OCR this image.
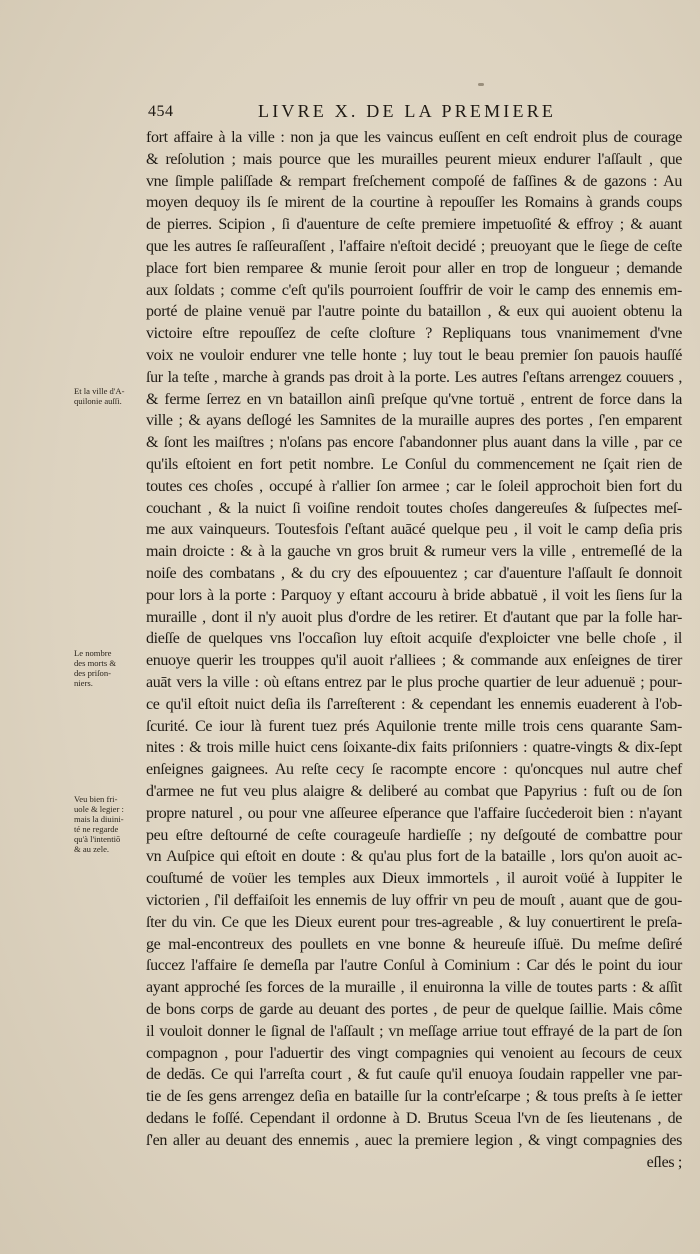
454	LIVRE X. DE LA PREMIERE
fort affaire à la ville : non ja que les vaincus euſſent en ceſt endroit plus de courage
& reſolution ; mais pource que les murailles peurent mieux endurer l'aſſault , que
vne ſimple paliſſade & rempart freſchement compoſé de faſſines & de gazons : Au
moyen dequoy ils ſe mirent de la courtine à repouſſer les Romains à grands coups
de pierres. Scipion , ſi d'auenture de ceſte premiere impetuoſité & effroy ; & auant
que les autres ſe raſſeuraſſent , l'affaire n'eſtoit decidé ; preuoyant que le ſiege de ceſte
place fort bien remparee & munie ſeroit pour aller en trop de longueur ; demande
aux ſoldats ; comme c'eſt qu'ils pourroient ſouffrir de voir le camp des ennemis em-
porté de plaine venuë par l'autre pointe du bataillon , & eux qui auoient obtenu la
victoire eſtre repouſſez de ceſte cloſture ? Repliquans tous vnanimement d'vne
voix ne vouloir endurer vne telle honte ; luy tout le beau premier ſon pauois hauſſé
ſur la teſte , marche à grands pas droit à la porte. Les autres ſ'eſtans arrengez couuers ,
& ferme ſerrez en vn bataillon ainſi preſque qu'vne tortuë , entrent de force dans la
ville ; & ayans deſlogé les Samnites de la muraille aupres des portes , ſ'en emparent
& ſont les maiſtres ; n'oſans pas encore ſ'abandonner plus auant dans la ville , par ce
qu'ils eſtoient en fort petit nombre. Le Conſul du commencement ne ſçait rien de
toutes ces choſes , occupé à r'allier ſon armee ; car le ſoleil approchoit bien fort du
couchant , & la nuict ſi voiſine rendoit toutes choſes dangereuſes & ſuſpectes meſ-
me aux vainqueurs. Toutesfois ſ'eſtant auācé quelque peu , il voit le camp deſia pris
main droicte : & à la gauche vn gros bruit & rumeur vers la ville , entremeſlé de la
noiſe des combatans , & du cry des eſpouuentez ; car d'auenture l'aſſault ſe donnoit
pour lors à la porte : Parquoy y eſtant accouru à bride abbatuë , il voit les ſiens ſur la
muraille , dont il n'y auoit plus d'ordre de les retirer. Et d'autant que par la folle har-
dieſſe de quelques vns l'occaſion luy eſtoit acquiſe d'exploicter vne belle choſe , il
enuoye querir les trouppes qu'il auoit r'alliees ; & commande aux enſeignes de tirer
auāt vers la ville : où eſtans entrez par le plus proche quartier de leur aduenuë ; pour-
ce qu'il eſtoit nuict deſia ils ſ'arreſterent : & cependant les ennemis euaderent à l'ob-
ſcurité. Ce iour là furent tuez prés Aquilonie trente mille trois cens quarante Sam-
nites : & trois mille huict cens ſoixante-dix faits priſonniers : quatre-vingts & dix-ſept
enſeignes gaignees. Au reſte cecy ſe racompte encore : qu'oncques nul autre chef
d'armee ne fut veu plus alaigre & deliberé au combat que Papyrius : fuſt ou de ſon
propre naturel , ou pour vne aſſeuree eſperance que l'affaire ſucċederoit bien : n'ayant
peu eſtre deſtourné de ceſte courageuſe hardieſſe ; ny deſgouté de combattre pour
vn Auſpice qui eſtoit en doute : & qu'au plus fort de la bataille , lors qu'on auoit ac-
couſtumé de voüer les temples aux Dieux immortels , il auroit voüé à Iuppiter le
victorien , ſ'il deffaiſoit les ennemis de luy offrir vn peu de mouſt , auant que de gou-
ſter du vin. Ce que les Dieux eurent pour tres-agreable , & luy conuertirent le preſa-
ge mal-encontreux des poullets en vne bonne & heureuſe iſſuë. Du meſme deſiré
ſuccez l'affaire ſe demeſla par l'autre Conſul à Cominium : Car dés le point du iour
ayant approché ſes forces de la muraille , il enuironna la ville de toutes parts : & aſſit
de bons corps de garde au deuant des portes , de peur de quelque ſaillie. Mais côme
il vouloit donner le ſignal de l'aſſault ; vn meſſage arriue tout effrayé de la part de ſon
compagnon , pour l'aduertir des vingt compagnies qui venoient au ſecours de ceux
de dedās. Ce qui l'arreſta court , & fut cauſe qu'il enuoya ſoudain rappeller vne par-
tie de ſes gens arrengez deſia en bataille ſur la contr'eſcarpe ; & tous preſts à ſe ietter
dedans le foſſé. Cependant il ordonne à D. Brutus Sceua l'vn de ſes lieutenans , de
ſ'en aller au deuant des ennemis , auec la premiere legion , & vingt compagnies des
eſles ;
Et la ville d'A-
quilonie auſſi.
Le nombre
des morts &
des priſon-
niers.
Veu bien fri-
uole & legier :
mais la diuini-
té ne regarde
qu'à l'intentiō
& au zele.
